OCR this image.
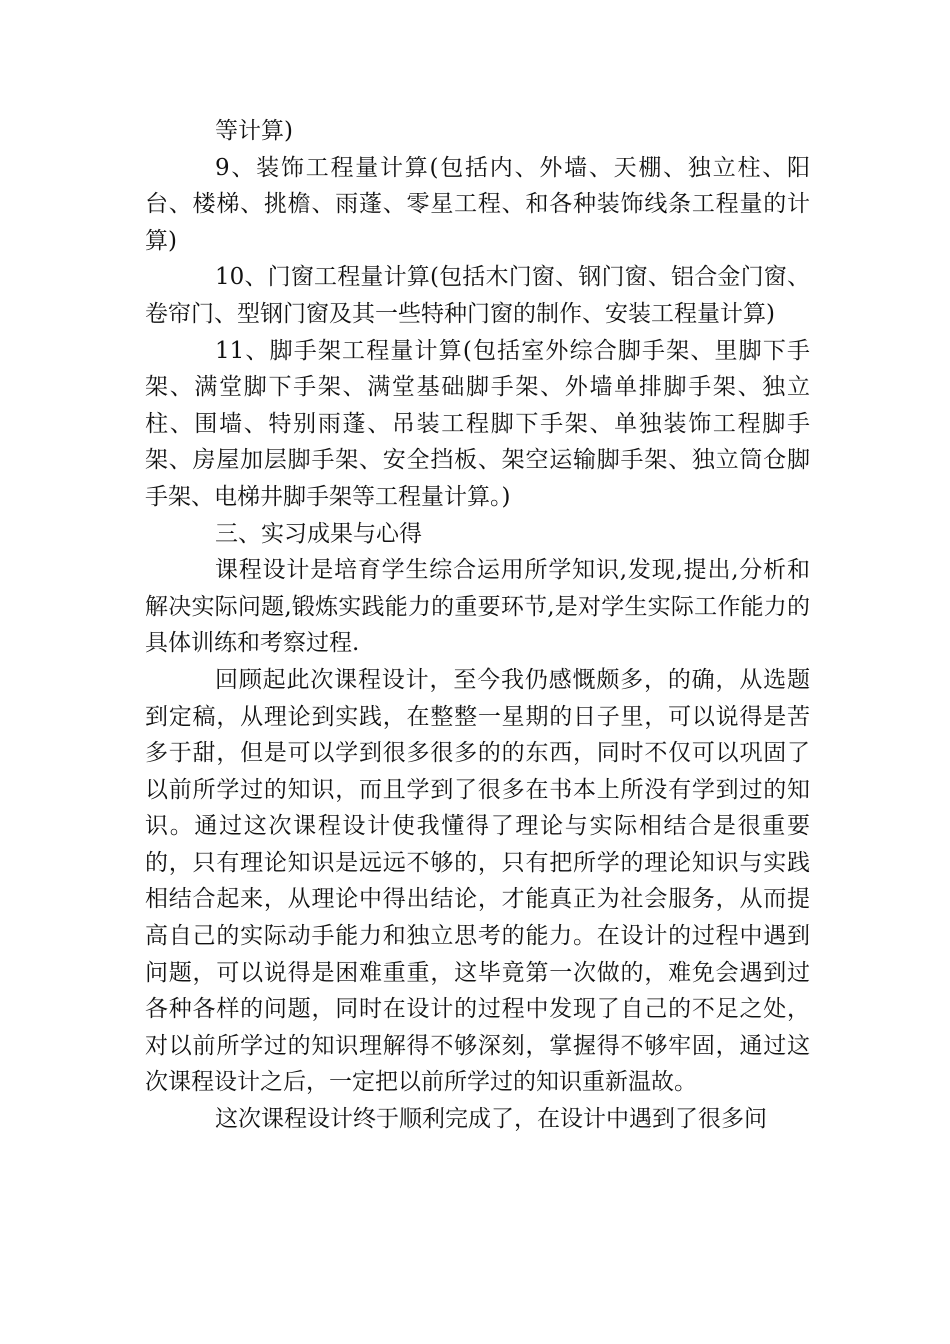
等计算)

9、装饰工程量计算(包括内、外墙、天棚、独立柱、阳台、楼梯、挑檐、雨蓬、零星工程、和各种装饰线条工程量的计算)

10、门窗工程量计算(包括木门窗、钢门窗、铝合金门窗、卷帘门、型钢门窗及其一些特种门窗的制作、安装工程量计算)

11、脚手架工程量计算(包括室外综合脚手架、里脚下手架、满堂脚下手架、满堂基础脚手架、外墙单排脚手架、独立柱、围墙、特别雨蓬、吊装工程脚下手架、单独装饰工程脚手架、房屋加层脚手架、安全挡板、架空运输脚手架、独立筒仓脚手架、电梯井脚手架等工程量计算。)

三、实习成果与心得

课程设计是培育学生综合运用所学知识,发现,提出,分析和解决实际问题,锻炼实践能力的重要环节,是对学生实际工作能力的具体训练和考察过程.

回顾起此次课程设计，至今我仍感慨颇多，的确，从选题到定稿，从理论到实践，在整整一星期的日子里，可以说得是苦多于甜，但是可以学到很多很多的的东西，同时不仅可以巩固了以前所学过的知识，而且学到了很多在书本上所没有学到过的知识。通过这次课程设计使我懂得了理论与实际相结合是很重要的，只有理论知识是远远不够的，只有把所学的理论知识与实践相结合起来，从理论中得出结论，才能真正为社会服务，从而提高自己的实际动手能力和独立思考的能力。在设计的过程中遇到问题，可以说得是困难重重，这毕竟第一次做的，难免会遇到过各种各样的问题，同时在设计的过程中发现了自己的不足之处，对以前所学过的知识理解得不够深刻，掌握得不够牢固，通过这次课程设计之后，一定把以前所学过的知识重新温故。

这次课程设计终于顺利完成了，在设计中遇到了很多问
